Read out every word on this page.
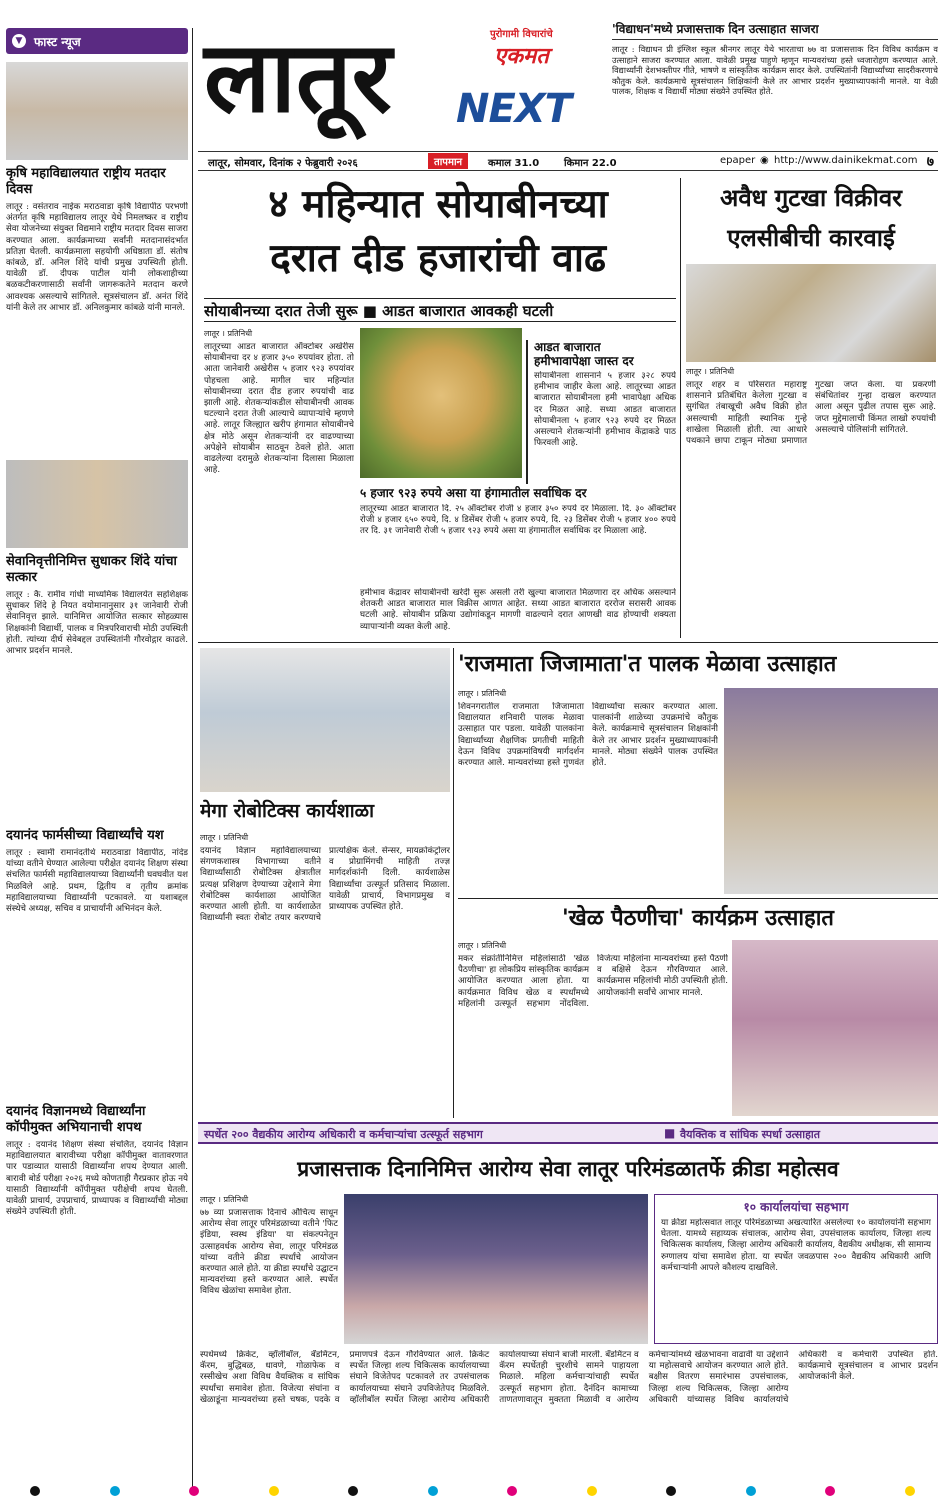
▼ फास्ट न्यूज
कृषि महाविद्यालयात राष्ट्रीय मतदार दिवस
लातूर : वसंतराव नाईक मराठवाडा कृषि विद्यापीठ परभणी अंतर्गत कृषि महाविद्यालय लातूर येथे निमलष्कर व राष्ट्रीय सेवा योजनेच्या संयुक्त विद्यमाने राष्ट्रीय मतदार दिवस साजरा करण्यात आला. कार्यक्रमाच्या सर्वांनी मतदानासंदर्भात प्रतिज्ञा घेतली. कार्यक्रमाला सहयोगी अधिष्ठाता डॉ. संतोष कांबळे, डॉ. अनिल शिंदे यांची प्रमुख उपस्थिती होती. यावेळी डॉ. दीपक पाटील यांनी लोकशाहीच्या बळकटीकरणासाठी सर्वांनी जागरूकतेने मतदान करणे आवश्यक असल्याचे सांगितले. सूत्रसंचालन डॉ. अनंत शिंदे यांनी केले तर आभार डॉ. अनिलकुमार कांबळे यांनी मानले.
सेवानिवृत्तीनिमित्त सुधाकर शिंदे यांचा सत्कार
लातूर : कै. रामीव गांधी माध्यमिक विद्यालयेत सहशिक्षक सुधाकर शिंदे हे नियत वयोमानानुसार ३१ जानेवारी रोजी सेवानिवृत्त झाले. यानिमित्त आयोजित सत्कार सोहळ्यास शिक्षकांनी विद्यार्थी, पालक व मित्रपरिवाराची मोठी उपस्थिती होती. त्यांच्या दीर्घ सेवेबद्दल उपस्थितांनी गौरवोद्गार काढले. आभार प्रदर्शन मानले.
दयानंद फार्मसीच्या विद्यार्थ्यांचे यश
लातूर : स्वामी रामानंदतीर्थ मराठवाडा विद्यापीठ, नांदेड यांच्या वतीने घेण्यात आलेल्या परीक्षेत दयानंद शिक्षण संस्था संचलित फार्मसी महाविद्यालयाच्या विद्यार्थ्यांनी घवघवीत यश मिळविले आहे. प्रथम, द्वितीय व तृतीय क्रमांक महाविद्यालयाच्या विद्यार्थ्यांनी पटकावले. या यशाबद्दल संस्थेचे अध्यक्ष, सचिव व प्राचार्यांनी अभिनंदन केले.
दयानंद विज्ञानमध्ये विद्यार्थ्यांना कॉपीमुक्त अभियानाची शपथ
लातूर : दयानंद शिक्षण संस्था संचलित, दयानंद विज्ञान महाविद्यालयात बारावीच्या परीक्षा कॉपीमुक्त वातावरणात पार पडाव्यात यासाठी विद्यार्थ्यांना शपथ देण्यात आली. बारावी बोर्ड परीक्षा २०२६ मध्ये कोणताही गैरप्रकार होऊ नये यासाठी विद्यार्थ्यांनी कॉपीमुक्त परीक्षेची शपथ घेतली. यावेळी प्राचार्य, उपप्राचार्य, प्राध्यापक व विद्यार्थ्यांची मोठ्या संख्येने उपस्थिती होती.
लातूर	पुरोगामी विचारांचे
एकमत
NEXT
'विद्याधन'मध्ये प्रजासत्ताक दिन उत्साहात साजरा
लातूर : विद्याधन प्री इंग्लिश स्कूल श्रीनगर लातूर येथे भारताचा ७७ वा प्रजासत्ताक दिन विविध कार्यक्रम व उत्साहाने साजरा करण्यात आला. यावेळी प्रमुख पाहुणे म्हणून मान्यवरांच्या हस्ते ध्वजारोहण करण्यात आले. विद्यार्थ्यांनी देशभक्तीपर गीते, भाषणे व सांस्कृतिक कार्यक्रम सादर केले. उपस्थितांनी विद्यार्थ्यांच्या सादरीकरणाचे कौतुक केले. कार्यक्रमाचे सूत्रसंचालन शिक्षिकांनी केले तर आभार प्रदर्शन मुख्याध्यापकांनी मानले. या वेळी पालक, शिक्षक व विद्यार्थी मोठ्या संख्येने उपस्थित होते.
लातूर, सोमवार, दिनांक २ फेब्रुवारी २०२६	तापमान	कमाल 31.0 किमान 22.0	epaper ◉ http://www.dainikekmat.com ७
४ महिन्यात सोयाबीनच्या
दरात दीड हजारांची वाढ
सोयाबीनच्या दरात तेजी सुरू ■ आडत बाजारात आवकही घटली
लातूर । प्रतिनिधी
लातूरच्या आडत बाजारात ऑक्टोबर अखेरीस सोयाबीनचा दर ४ हजार ३५० रुपयांवर होता. तो आता जानेवारी अखेरीस ५ हजार ९२३ रुपयांवर पोहचला आहे. मागील चार महिन्यांत सोयाबीनच्या दरात दीड हजार रुपयांची वाढ झाली आहे. शेतकऱ्यांकडील सोयाबीनची आवक घटल्याने दरात तेजी आल्याचे व्यापाऱ्यांचे म्हणणे आहे. लातूर जिल्ह्यात खरीप हंगामात सोयाबीनचे क्षेत्र मोठे असून शेतकऱ्यांनी दर वाढण्याच्या अपेक्षेने सोयाबीन साठवून ठेवले होते. आता वाढलेल्या दरामुळे शेतकऱ्यांना दिलासा मिळाला आहे.
आडत बाजारात
हमीभावापेक्षा जास्त दर
सोयाबीनला शासनाने ५ हजार ३२८ रुपये हमीभाव जाहीर केला आहे. लातूरच्या आडत बाजारात सोयाबीनला हमी भावापेक्षा अधिक दर मिळत आहे. सध्या आडत बाजारात सोयाबीनला ५ हजार ९२३ रुपये दर मिळत असल्याने शेतकऱ्यांनी हमीभाव केंद्राकडे पाठ फिरवली आहे.
५ हजार ९२३ रुपये असा या हंगामातील सर्वाधिक दर
लातूरच्या आडत बाजारात दि. २५ ऑक्टोबर रोजी ४ हजार ३५० रुपये दर मिळाला. दि. ३० ऑक्टोबर रोजी ४ हजार ६५० रुपये, दि. ४ डिसेंबर रोजी ५ हजार रुपये, दि. २३ डिसेंबर रोजी ५ हजार ४०० रुपये तर दि. ३१ जानेवारी रोजी ५ हजार ९२३ रुपये असा या हंगामातील सर्वाधिक दर मिळाला आहे.
हमीभाव केंद्रावर सोयाबीनची खरेदी सुरू असली तरी खुल्या बाजारात मिळणारा दर अधिक असल्याने शेतकरी आडत बाजारात माल विक्रीस आणत आहेत. सध्या आडत बाजारात दररोज सरासरी आवक घटली आहे. सोयाबीन प्रक्रिया उद्योगांकडून मागणी वाढल्याने दरात आणखी वाढ होण्याची शक्यता व्यापाऱ्यांनी व्यक्त केली आहे.
अवैध गुटखा विक्रीवर
एलसीबीची कारवाई
लातूर । प्रतिनिधी
लातूर शहर व परिसरात महाराष्ट्र शासनाने प्रतिबंधित केलेला गुटखा व सुगंधित तंबाखूची अवैध विक्री होत असल्याची माहिती स्थानिक गुन्हे शाखेला मिळाली होती. त्या आधारे पथकाने छापा टाकून मोठ्या प्रमाणात गुटखा जप्त केला. या प्रकरणी संबंधितांवर गुन्हा दाखल करण्यात आला असून पुढील तपास सुरू आहे. जप्त मुद्देमालाची किंमत लाखो रुपयांची असल्याचे पोलिसांनी सांगितले.
मेगा रोबोटिक्स कार्यशाळा
लातूर । प्रतिनिधी
दयानंद विज्ञान महाविद्यालयाच्या संगणकशास्त्र विभागाच्या वतीने विद्यार्थ्यांसाठी रोबोटिक्स क्षेत्रातील प्रत्यक्ष प्रशिक्षण देण्याच्या उद्देशाने मेगा रोबोटिक्स कार्यशाळा आयोजित करण्यात आली होती. या कार्यशाळेत विद्यार्थ्यांनी स्वतः रोबोट तयार करण्याचे प्रात्यक्षिक केले. सेन्सर, मायक्रोकंट्रोलर व प्रोग्रामिंगची माहिती तज्ज्ञ मार्गदर्शकांनी दिली. कार्यशाळेस विद्यार्थ्यांचा उत्स्फूर्त प्रतिसाद मिळाला. यावेळी प्राचार्य, विभागप्रमुख व प्राध्यापक उपस्थित होते.
'राजमाता जिजामाता'त पालक मेळावा उत्साहात
लातूर । प्रतिनिधी
शिवनगरातील राजमाता जिजामाता विद्यालयात शनिवारी पालक मेळावा उत्साहात पार पडला. यावेळी पालकांना विद्यार्थ्यांच्या शैक्षणिक प्रगतीची माहिती देऊन विविध उपक्रमांविषयी मार्गदर्शन करण्यात आले. मान्यवरांच्या हस्ते गुणवंत विद्यार्थ्यांचा सत्कार करण्यात आला. पालकांनी शाळेच्या उपक्रमांचे कौतुक केले. कार्यक्रमाचे सूत्रसंचालन शिक्षकांनी केले तर आभार प्रदर्शन मुख्याध्यापकांनी मानले. मोठ्या संख्येने पालक उपस्थित होते.
'खेळ पैठणीचा' कार्यक्रम उत्साहात
लातूर । प्रतिनिधी
मकर संक्रांतीनिमित्त महिलांसाठी 'खेळ पैठणीचा' हा लोकप्रिय सांस्कृतिक कार्यक्रम आयोजित करण्यात आला होता. या कार्यक्रमात विविध खेळ व स्पर्धांमध्ये महिलांनी उत्स्फूर्त सहभाग नोंदविला. विजेत्या महिलांना मान्यवरांच्या हस्ते पैठणी व बक्षिसे देऊन गौरविण्यात आले. कार्यक्रमास महिलांची मोठी उपस्थिती होती. आयोजकांनी सर्वांचे आभार मानले.
स्पर्धेत २०० वैद्यकीय आरोग्य अधिकारी व कर्मचाऱ्यांचा उत्स्फूर्त सहभाग	■ वैयक्तिक व सांघिक स्पर्धा उत्साहात
प्रजासत्ताक दिनानिमित्त आरोग्य सेवा लातूर परिमंडळातर्फे क्रीडा महोत्सव
लातूर । प्रतिनिधी
७७ व्या प्रजासत्ताक दिनाचे औचित्य साधून आरोग्य सेवा लातूर परिमंडळाच्या वतीने 'फिट इंडिया, स्वस्थ इंडिया' या संकल्पनेतून उत्साहवर्धक आरोग्य सेवा, लातूर परिमंडळ यांच्या वतीने क्रीडा स्पर्धांचे आयोजन करण्यात आले होते. या क्रीडा स्पर्धांचे उद्घाटन मान्यवरांच्या हस्ते करण्यात आले. स्पर्धेत विविध खेळांचा समावेश होता.
१० कार्यालयांचा सहभाग
या क्रीडा महोत्सवात लातूर परिमंडळाच्या अखत्यारित असलेल्या १० कार्यालयांनी सहभाग घेतला. यामध्ये सहाय्यक संचालक, आरोग्य सेवा, उपसंचालक कार्यालय, जिल्हा शल्य चिकित्सक कार्यालय, जिल्हा आरोग्य अधिकारी कार्यालय, वैद्यकीय अधीक्षक, सी सामान्य रुग्णालय यांचा समावेश होता. या स्पर्धेत जवळपास २०० वैद्यकीय अधिकारी आणि कर्मचाऱ्यांनी आपले कौशल्य दाखविले.
स्पर्धेमध्ये क्रिकेट, व्हॉलीबॉल, बॅडमिंटन, कॅरम, बुद्धिबळ, धावणे, गोळाफेक व रस्सीखेच अशा विविध वैयक्तिक व सांघिक स्पर्धांचा समावेश होता. विजेत्या संघांना व खेळाडूंना मान्यवरांच्या हस्ते चषक, पदके व प्रमाणपत्रे देऊन गौरविण्यात आले. क्रिकेट स्पर्धेत जिल्हा शल्य चिकित्सक कार्यालयाच्या संघाने विजेतेपद पटकावले तर उपसंचालक कार्यालयाच्या संघाने उपविजेतेपद मिळविले. व्हॉलीबॉल स्पर्धेत जिल्हा आरोग्य अधिकारी कार्यालयाच्या संघाने बाजी मारली. बॅडमिंटन व कॅरम स्पर्धेतही चुरशीचे सामने पाहायला मिळाले. महिला कर्मचाऱ्यांचाही स्पर्धेत उत्स्फूर्त सहभाग होता. दैनंदिन कामाच्या ताणतणावातून मुक्तता मिळावी व आरोग्य कर्मचाऱ्यांमध्ये खेळभावना वाढावी या उद्देशाने या महोत्सवाचे आयोजन करण्यात आले होते. बक्षीस वितरण समारंभास उपसंचालक, जिल्हा शल्य चिकित्सक, जिल्हा आरोग्य अधिकारी यांच्यासह विविध कार्यालयांचे अधिकारी व कर्मचारी उपस्थित होते. कार्यक्रमाचे सूत्रसंचालन व आभार प्रदर्शन आयोजकांनी केले.
